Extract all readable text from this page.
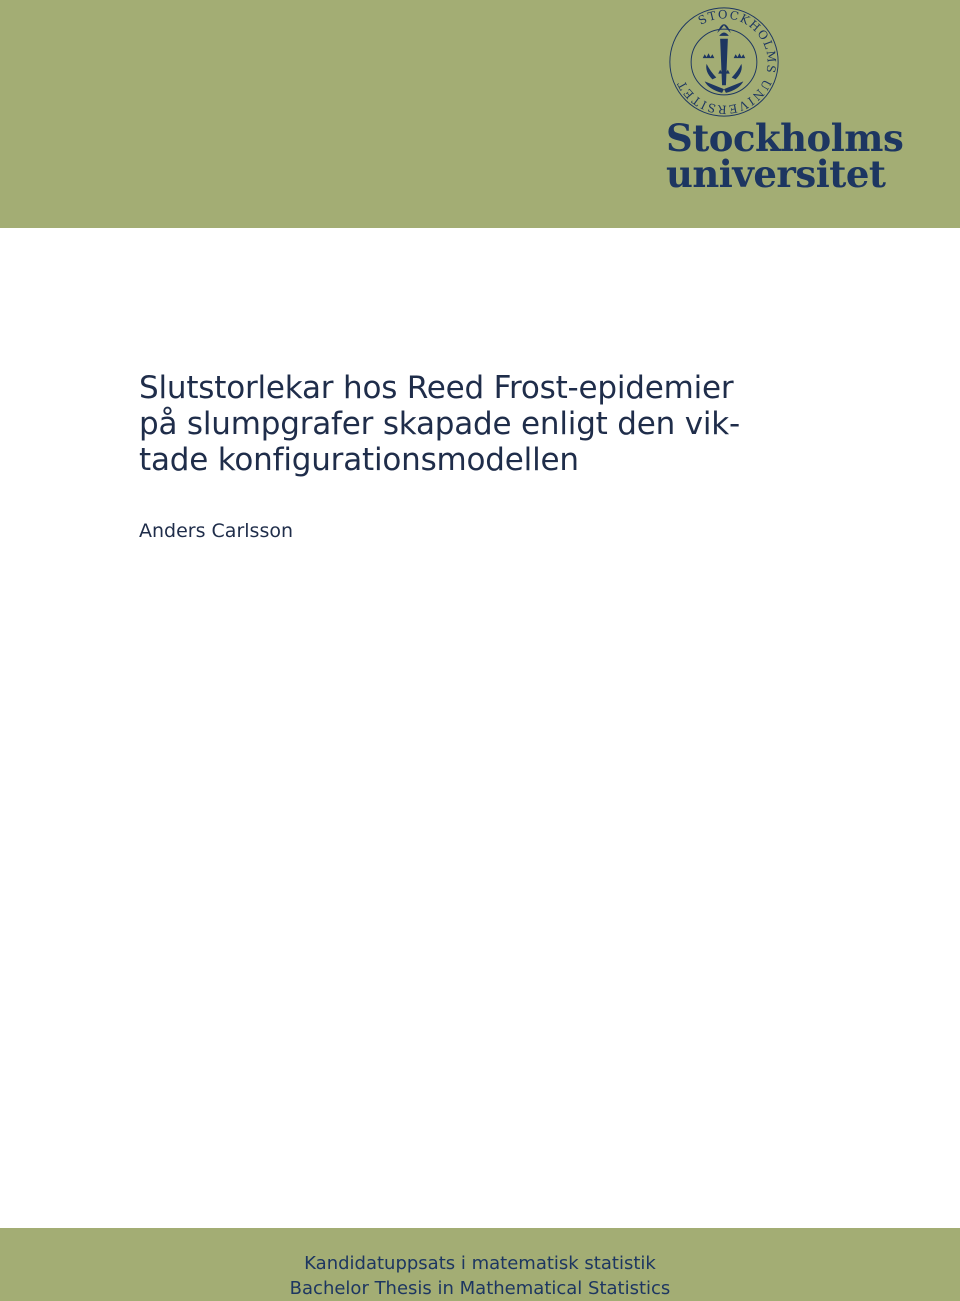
STOCKHOLMS UNIVERSITET
Stockholms
universitet
Slutstorlekar hos Reed Frost-epidemier
på slumpgrafer skapade enligt den vik-
tade konfigurationsmodellen
Anders Carlsson
Kandidatuppsats i matematisk statistik
Bachelor Thesis in Mathematical Statistics
